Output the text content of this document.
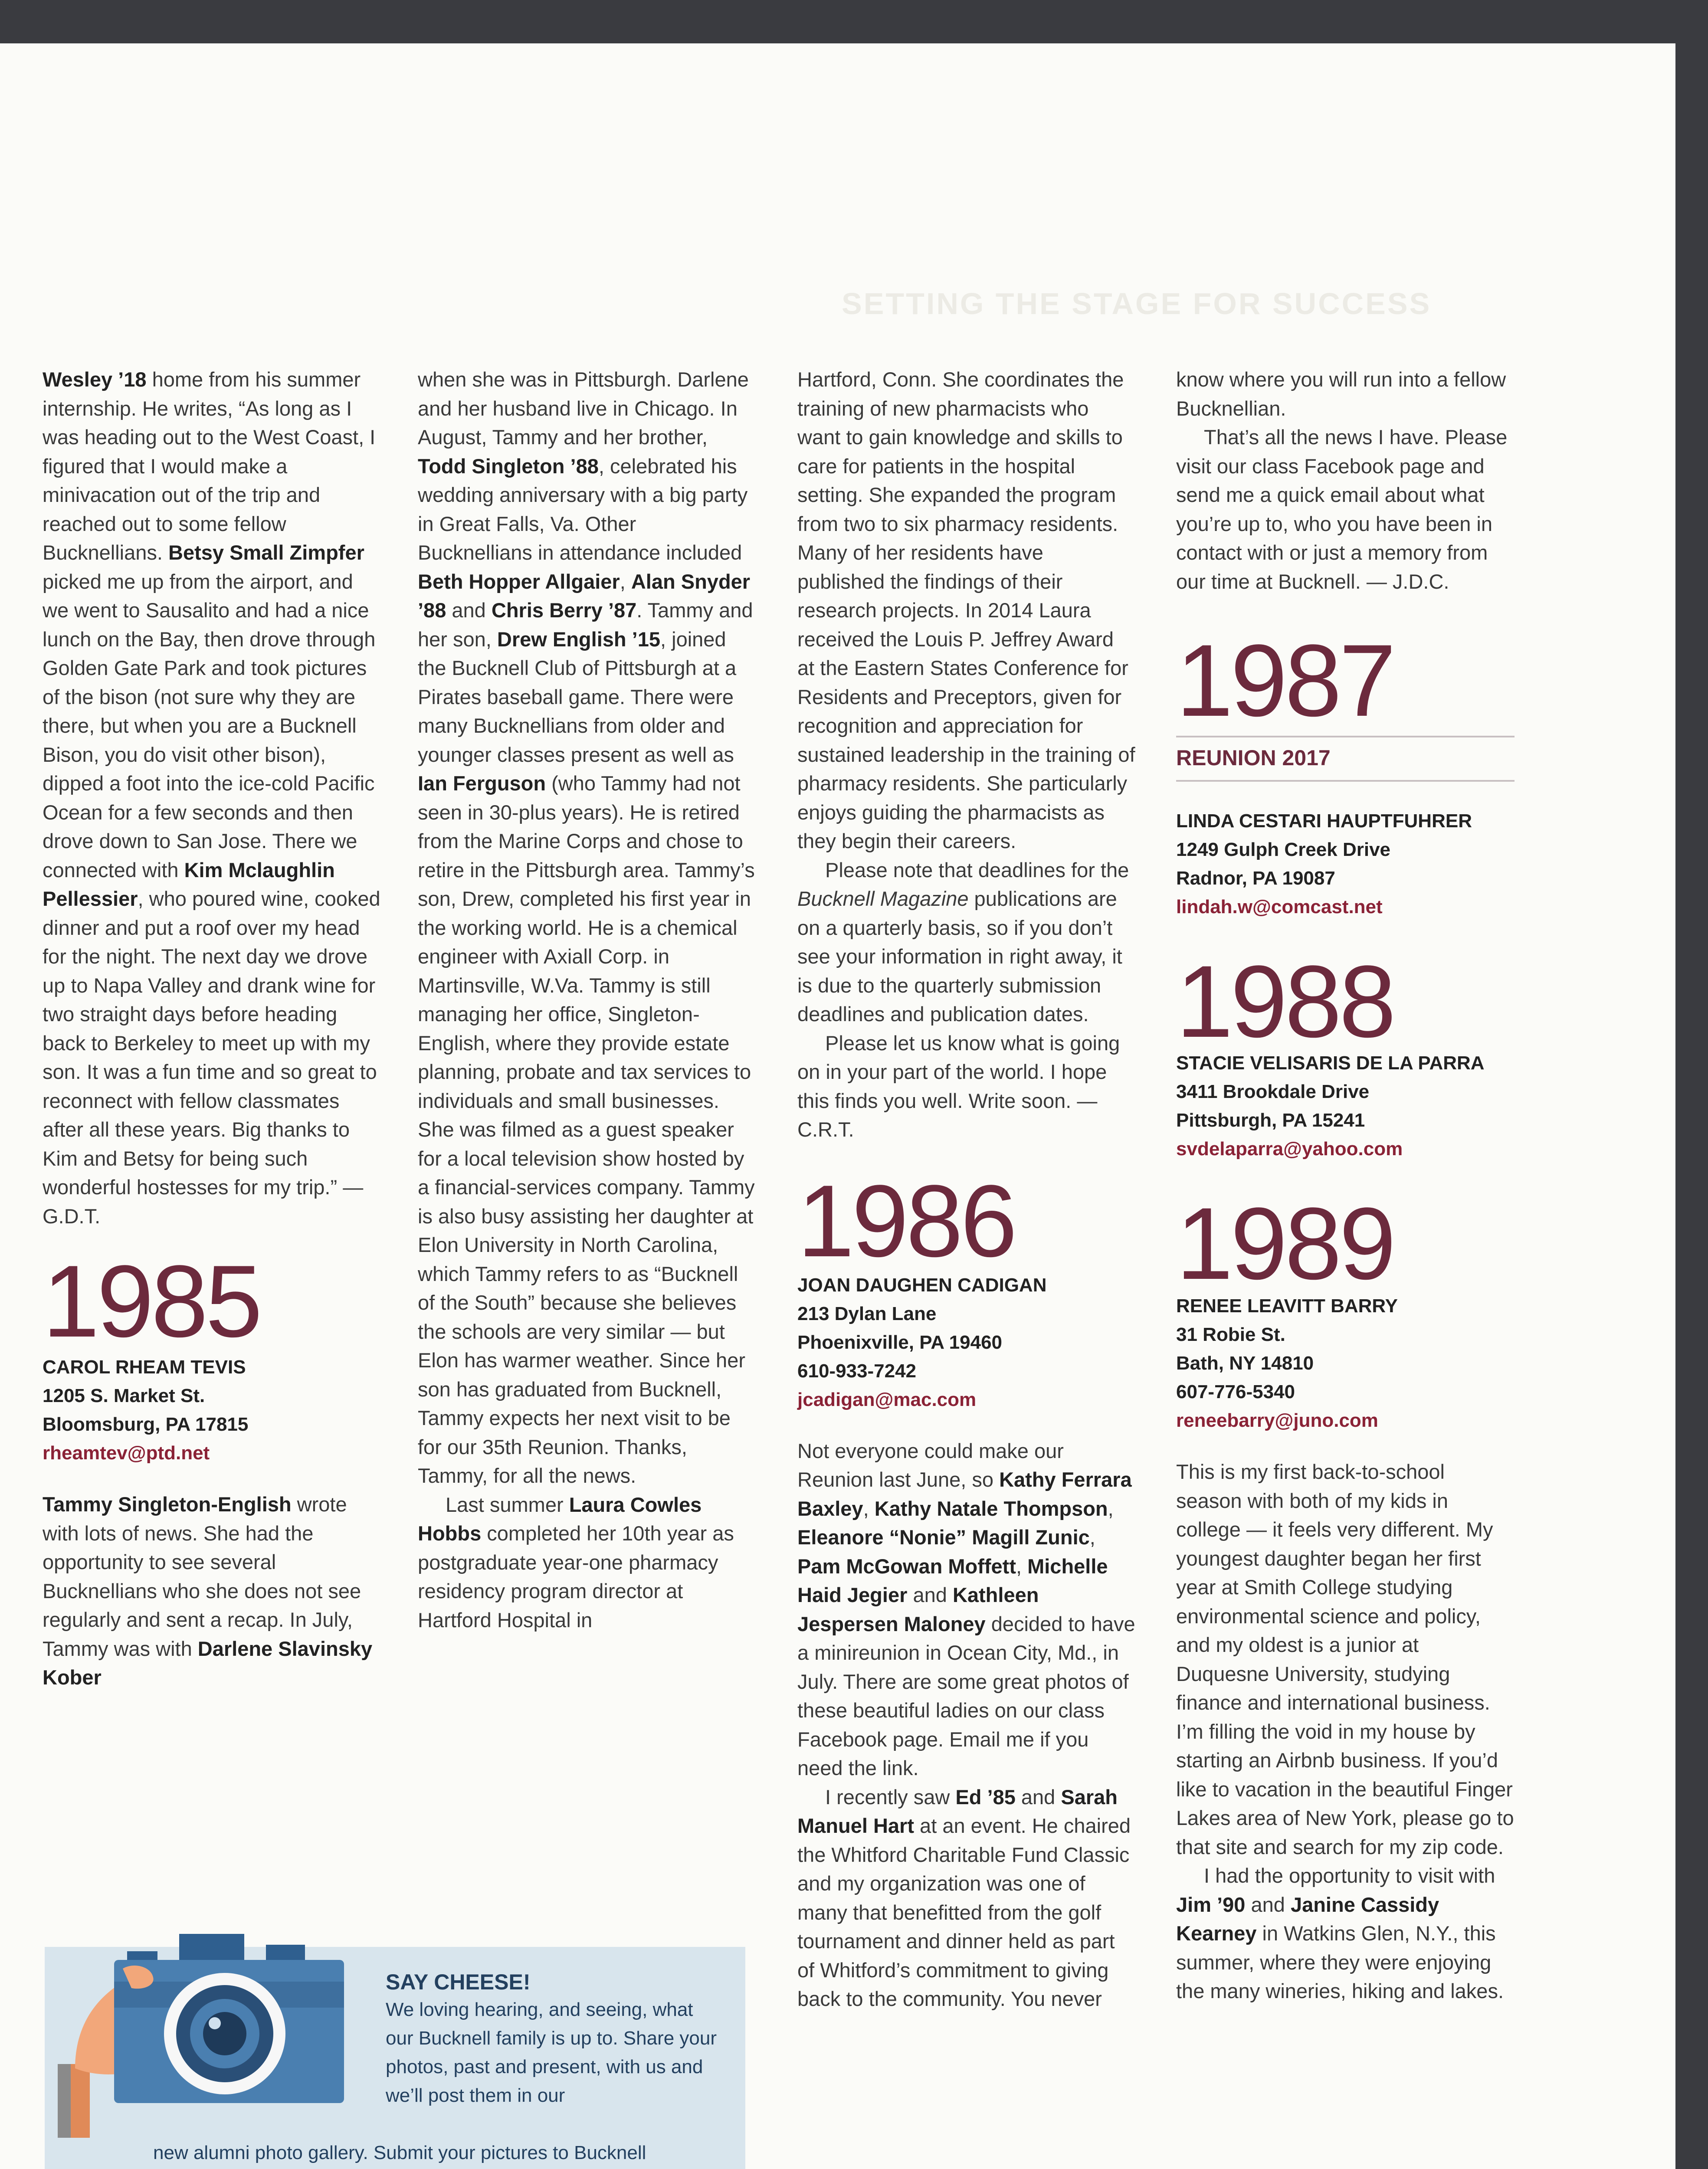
SETTING THE STAGE FOR SUCCESS

Wesley ’18 home from his summer internship. He writes, “As long as I was heading out to the West Coast, I figured that I would make a minivacation out of the trip and reached out to some fellow Bucknellians. Betsy Small Zimpfer picked me up from the airport, and we went to Sausalito and had a nice lunch on the Bay, then drove through Golden Gate Park and took pictures of the bison (not sure why they are there, but when you are a Bucknell Bison, you do visit other bison), dipped a foot into the ice-cold Pacific Ocean for a few seconds and then drove down to San Jose. There we connected with Kim Mclaughlin Pellessier, who poured wine, cooked dinner and put a roof over my head for the night. The next day we drove up to Napa Valley and drank wine for two straight days before heading back to Berkeley to meet up with my son. It was a fun time and so great to reconnect with fellow classmates after all these years. Big thanks to Kim and Betsy for being such wonderful hostesses for my trip.” — G.D.T.

1985
CAROL RHEAM TEVIS
1205 S. Market St.
Bloomsburg, PA 17815
rheamtev@ptd.net

Tammy Singleton-English wrote with lots of news. She had the opportunity to see several Bucknellians who she does not see regularly and sent a recap. In July, Tammy was with Darlene Slavinsky Kober

when she was in Pittsburgh. Darlene and her husband live in Chicago. In August, Tammy and her brother, Todd Singleton ’88, celebrated his wedding anniversary with a big party in Great Falls, Va. Other Bucknellians in attendance included Beth Hopper Allgaier, Alan Snyder ’88 and Chris Berry ’87. Tammy and her son, Drew English ’15, joined the Bucknell Club of Pittsburgh at a Pirates baseball game. There were many Bucknellians from older and younger classes present as well as Ian Ferguson (who Tammy had not seen in 30-plus years). He is retired from the Marine Corps and chose to retire in the Pittsburgh area. Tammy’s son, Drew, completed his first year in the working world. He is a chemical engineer with Axiall Corp. in Martinsville, W.Va. Tammy is still managing her office, Singleton-English, where they provide estate planning, probate and tax services to individuals and small businesses. She was filmed as a guest speaker for a local television show hosted by a financial-services company. Tammy is also busy assisting her daughter at Elon University in North Carolina, which Tammy refers to as “Bucknell of the South” because she believes the schools are very similar — but Elon has warmer weather. Since her son has graduated from Bucknell, Tammy expects her next visit to be for our 35th Reunion. Thanks, Tammy, for all the news.

Last summer Laura Cowles Hobbs completed her 10th year as postgraduate year-one pharmacy residency program director at Hartford Hospital in

Hartford, Conn. She coordinates the training of new pharmacists who want to gain knowledge and skills to care for patients in the hospital setting. She expanded the program from two to six pharmacy residents. Many of her residents have published the findings of their research projects. In 2014 Laura received the Louis P. Jeffrey Award at the Eastern States Conference for Residents and Preceptors, given for recognition and appreciation for sustained leadership in the training of pharmacy residents. She particularly enjoys guiding the pharmacists as they begin their careers.

Please note that deadlines for the Bucknell Magazine publications are on a quarterly basis, so if you don’t see your information in right away, it is due to the quarterly submission deadlines and publication dates.

Please let us know what is going on in your part of the world. I hope this finds you well. Write soon. — C.R.T.

1986
JOAN DAUGHEN CADIGAN
213 Dylan Lane
Phoenixville, PA 19460
610-933-7242
jcadigan@mac.com

Not everyone could make our Reunion last June, so Kathy Ferrara Baxley, Kathy Natale Thompson, Eleanore “Nonie” Magill Zunic, Pam McGowan Moffett, Michelle Haid Jegier and Kathleen Jespersen Maloney decided to have a minireunion in Ocean City, Md., in July. There are some great photos of these beautiful ladies on our class Facebook page. Email me if you need the link.

I recently saw Ed ’85 and Sarah Manuel Hart at an event. He chaired the Whitford Charitable Fund Classic and my organization was one of many that benefitted from the golf tournament and dinner held as part of Whitford’s commitment to giving back to the community. You never

know where you will run into a fellow Bucknellian.

That’s all the news I have. Please visit our class Facebook page and send me a quick email about what you’re up to, who you have been in contact with or just a memory from our time at Bucknell. — J.D.C.

1987
REUNION 2017
LINDA CESTARI HAUPTFUHRER
1249 Gulph Creek Drive
Radnor, PA 19087
lindah.w@comcast.net
1988
STACIE VELISARIS DE LA PARRA
3411 Brookdale Drive
Pittsburgh, PA 15241
svdelaparra@yahoo.com
1989
RENEE LEAVITT BARRY
31 Robie St.
Bath, NY 14810
607-776-5340
reneebarry@juno.com

This is my first back-to-school season with both of my kids in college — it feels very different. My youngest daughter began her first year at Smith College studying environmental science and policy, and my oldest is a junior at Duquesne University, studying finance and international business. I’m filling the void in my house by starting an Airbnb business. If you’d like to vacation in the beautiful Finger Lakes area of New York, please go to that site and search for my zip code.

I had the opportunity to visit with Jim ’90 and Janine Cassidy Kearney in Watkins Glen, N.Y., this summer, where they were enjoying the many wineries, hiking and lakes.

SAY CHEESE!

We loving hearing, and seeing, what our Bucknell family is up to. Share your photos, past and present, with us and we’ll post them in our

new alumni photo gallery. Submit your pictures to Bucknell
